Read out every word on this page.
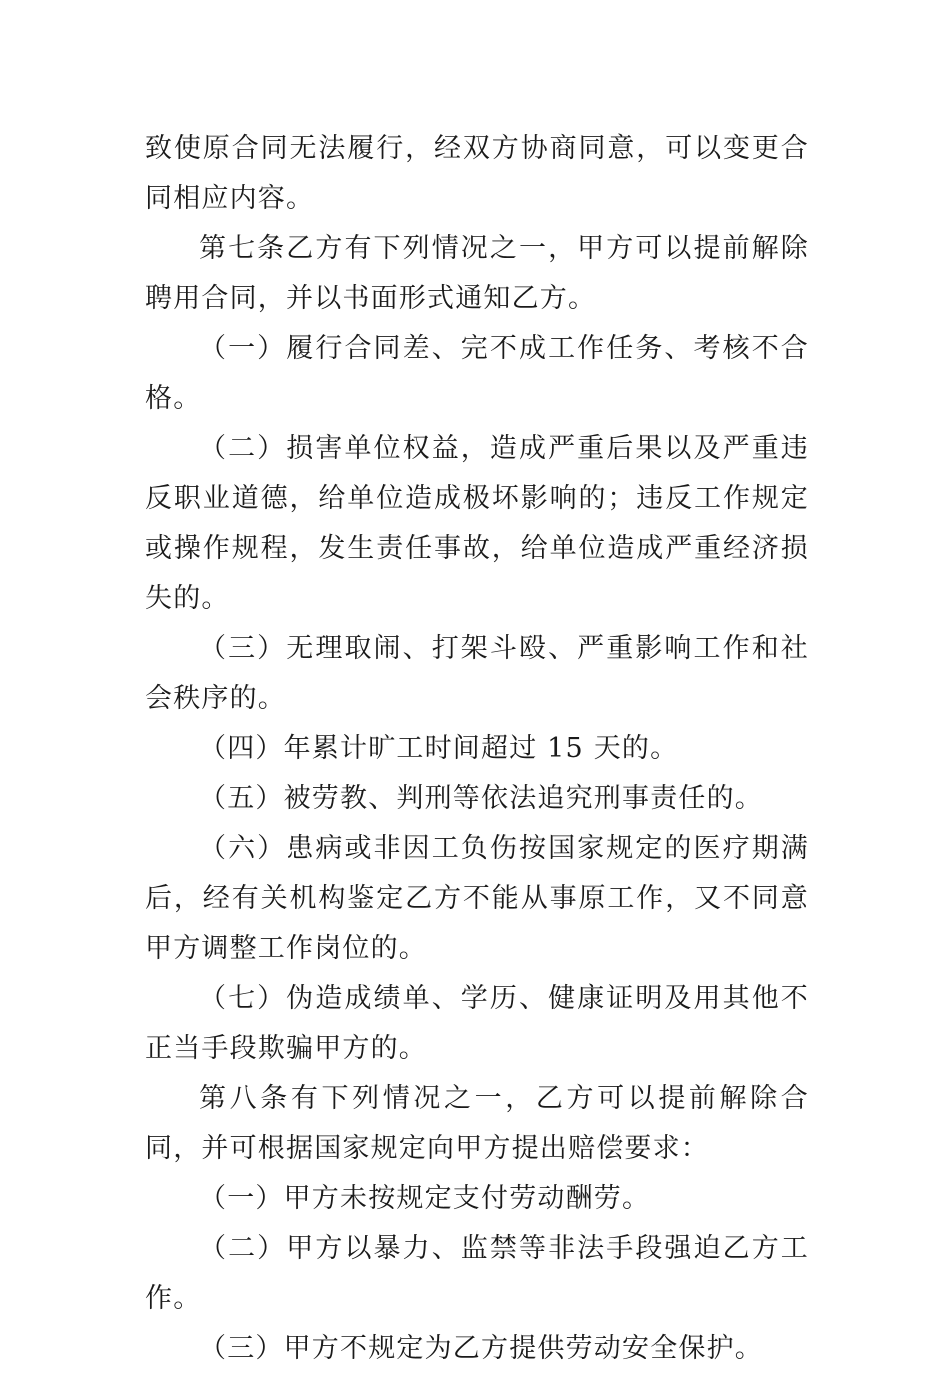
致使原合同无法履行，经双方协商同意，可以变更合同相应内容。

第七条乙方有下列情况之一，甲方可以提前解除聘用合同，并以书面形式通知乙方。

（一）履行合同差、完不成工作任务、考核不合格。

（二）损害单位权益，造成严重后果以及严重违反职业道德，给单位造成极坏影响的；违反工作规定或操作规程，发生责任事故，给单位造成严重经济损失的。

（三）无理取闹、打架斗殴、严重影响工作和社会秩序的。

（四）年累计旷工时间超过 15 天的。

（五）被劳教、判刑等依法追究刑事责任的。

（六）患病或非因工负伤按国家规定的医疗期满后，经有关机构鉴定乙方不能从事原工作，又不同意甲方调整工作岗位的。

（七）伪造成绩单、学历、健康证明及用其他不正当手段欺骗甲方的。

第八条有下列情况之一，乙方可以提前解除合同，并可根据国家规定向甲方提出赔偿要求：

（一）甲方未按规定支付劳动酬劳。

（二）甲方以暴力、监禁等非法手段强迫乙方工作。

（三）甲方不规定为乙方提供劳动安全保护。
